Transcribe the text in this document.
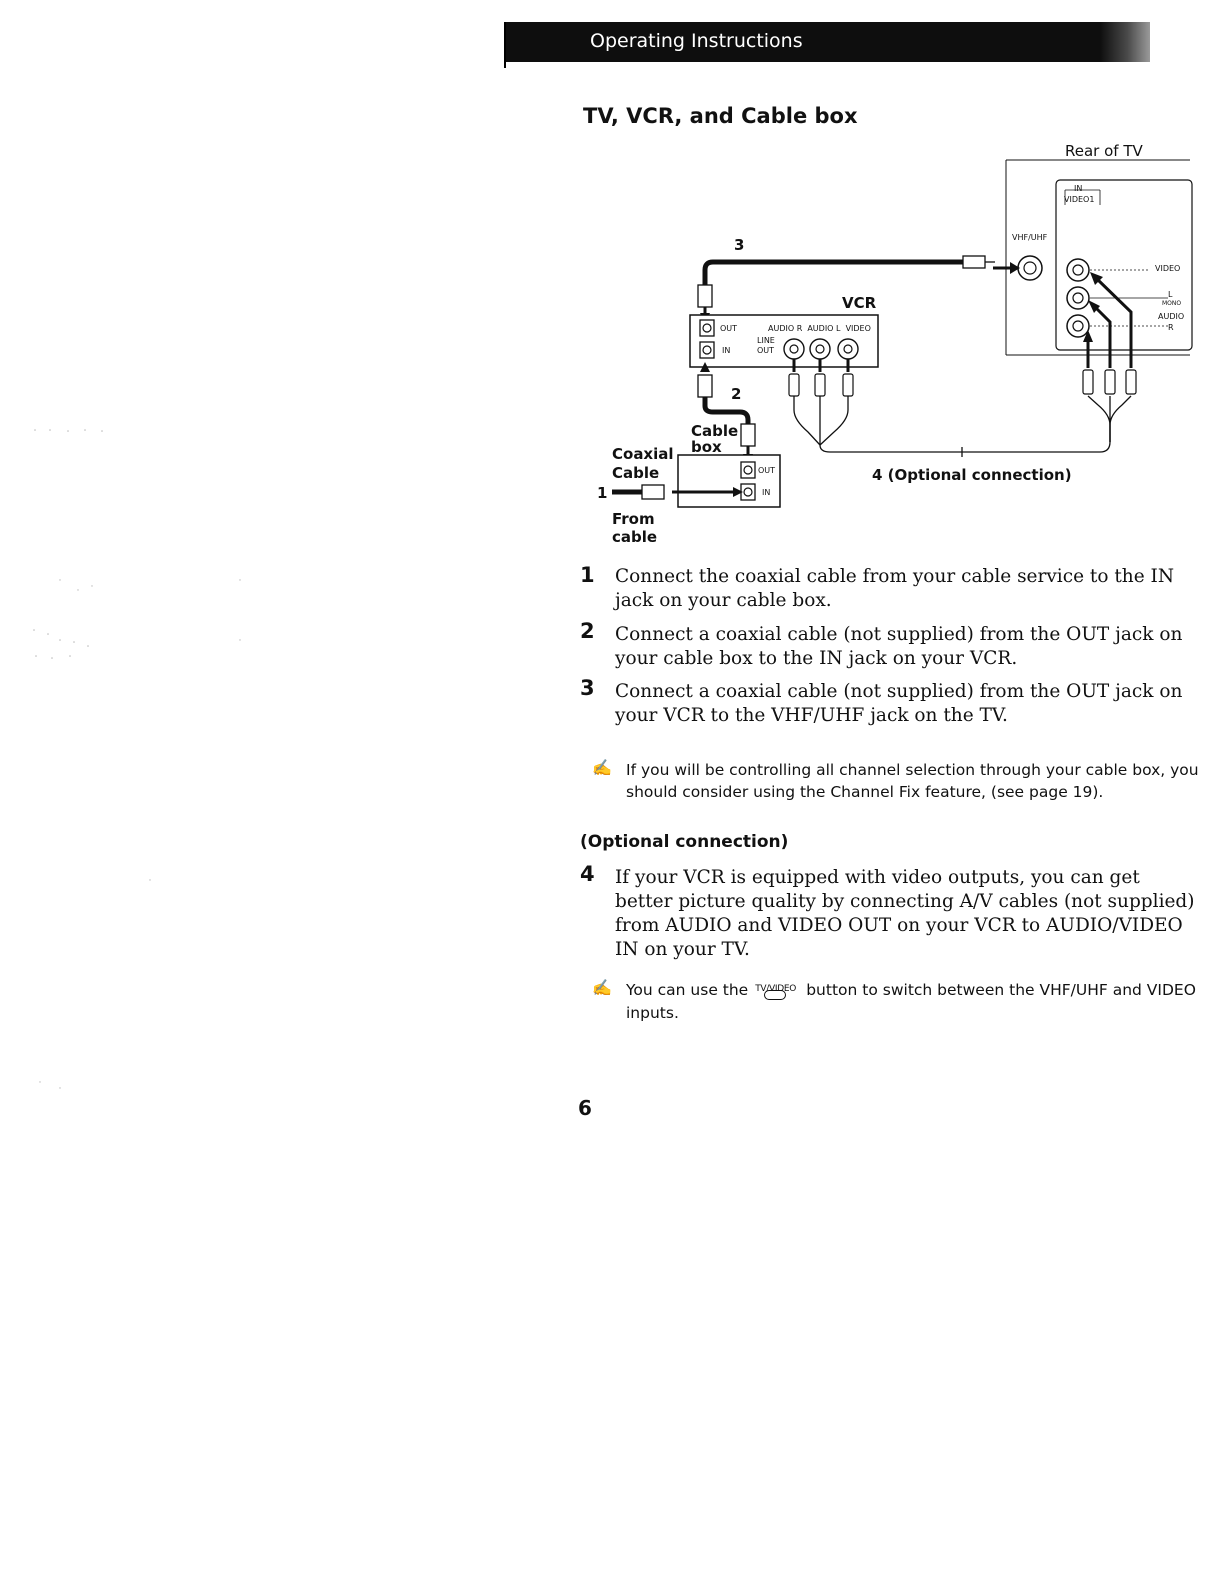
Operating Instructions
TV, VCR, and Cable box
Rear of TV
IN
VIDEO1
VHF/UHF
VIDEO
L
MONO
AUDIO
R
3
VCR
OUT
IN
AUDIO R  AUDIO L  VIDEO
LINE
OUT
2
Cable
box
Coaxial
Cable
1
From
cable
OUT
IN
4 (Optional connection)
1 Connect the coaxial cable from your cable service to the IN jack on your cable box.
2 Connect a coaxial cable (not supplied) from the OUT jack on your cable box to the IN jack on your VCR.
3 Connect a coaxial cable (not supplied) from the OUT jack on your VCR to the VHF/UHF jack on the TV.
✍ If you will be controlling all channel selection through your cable box, you should consider using the Channel Fix feature, (see page 19).
(Optional connection)
4 If your VCR is equipped with video outputs, you can get better picture quality by connecting A/V cables (not supplied) from AUDIO and VIDEO OUT on your VCR to AUDIO/VIDEO IN on your TV.
✍ You can use the TV/VIDEO button to switch between the VHF/UHF and VIDEO inputs.
6
